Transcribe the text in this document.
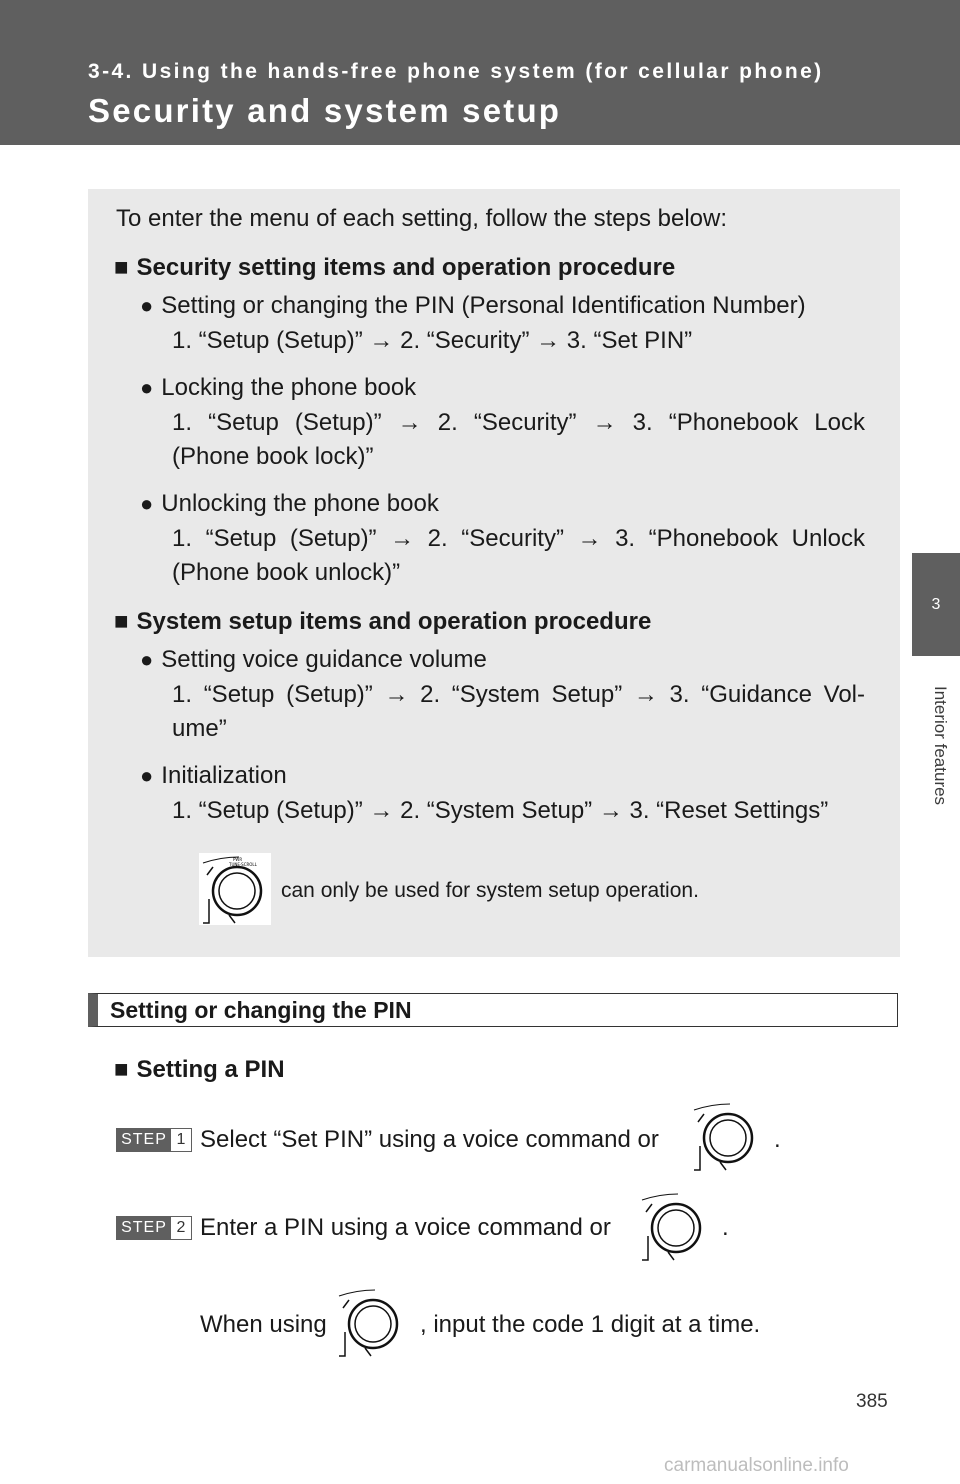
3-4. Using the hands-free phone system (for cellular phone)
Security and system setup
3
Interior features
To enter the menu of each setting, follow the steps below:
■ Security setting items and operation procedure
● Setting or changing the PIN (Personal Identification Number)
1. “Setup (Setup)” → 2. “Security” → 3. “Set PIN”
● Locking the phone book
1. “Setup (Setup)” → 2. “Security” → 3. “Phonebook Lock
(Phone book lock)”
● Unlocking the phone book
1. “Setup (Setup)” → 2. “Security” → 3. “Phonebook Unlock
(Phone book unlock)”
■ System setup items and operation procedure
● Setting voice guidance volume
1. “Setup (Setup)” → 2. “System Setup” → 3. “Guidance Vol-
ume”
● Initialization
1. “Setup (Setup)” → 2. “System Setup” → 3. “Reset Settings”
PWR
TUNE·SCROLL
can only be used for system setup operation.
Setting or changing the PIN
■ Setting a PIN
STEP 1 Select “Set PIN” using a voice command or	.
STEP 2 Enter a PIN using a voice command or	.
When using	, input the code 1 digit at a time.
385
carmanualsonline.info
